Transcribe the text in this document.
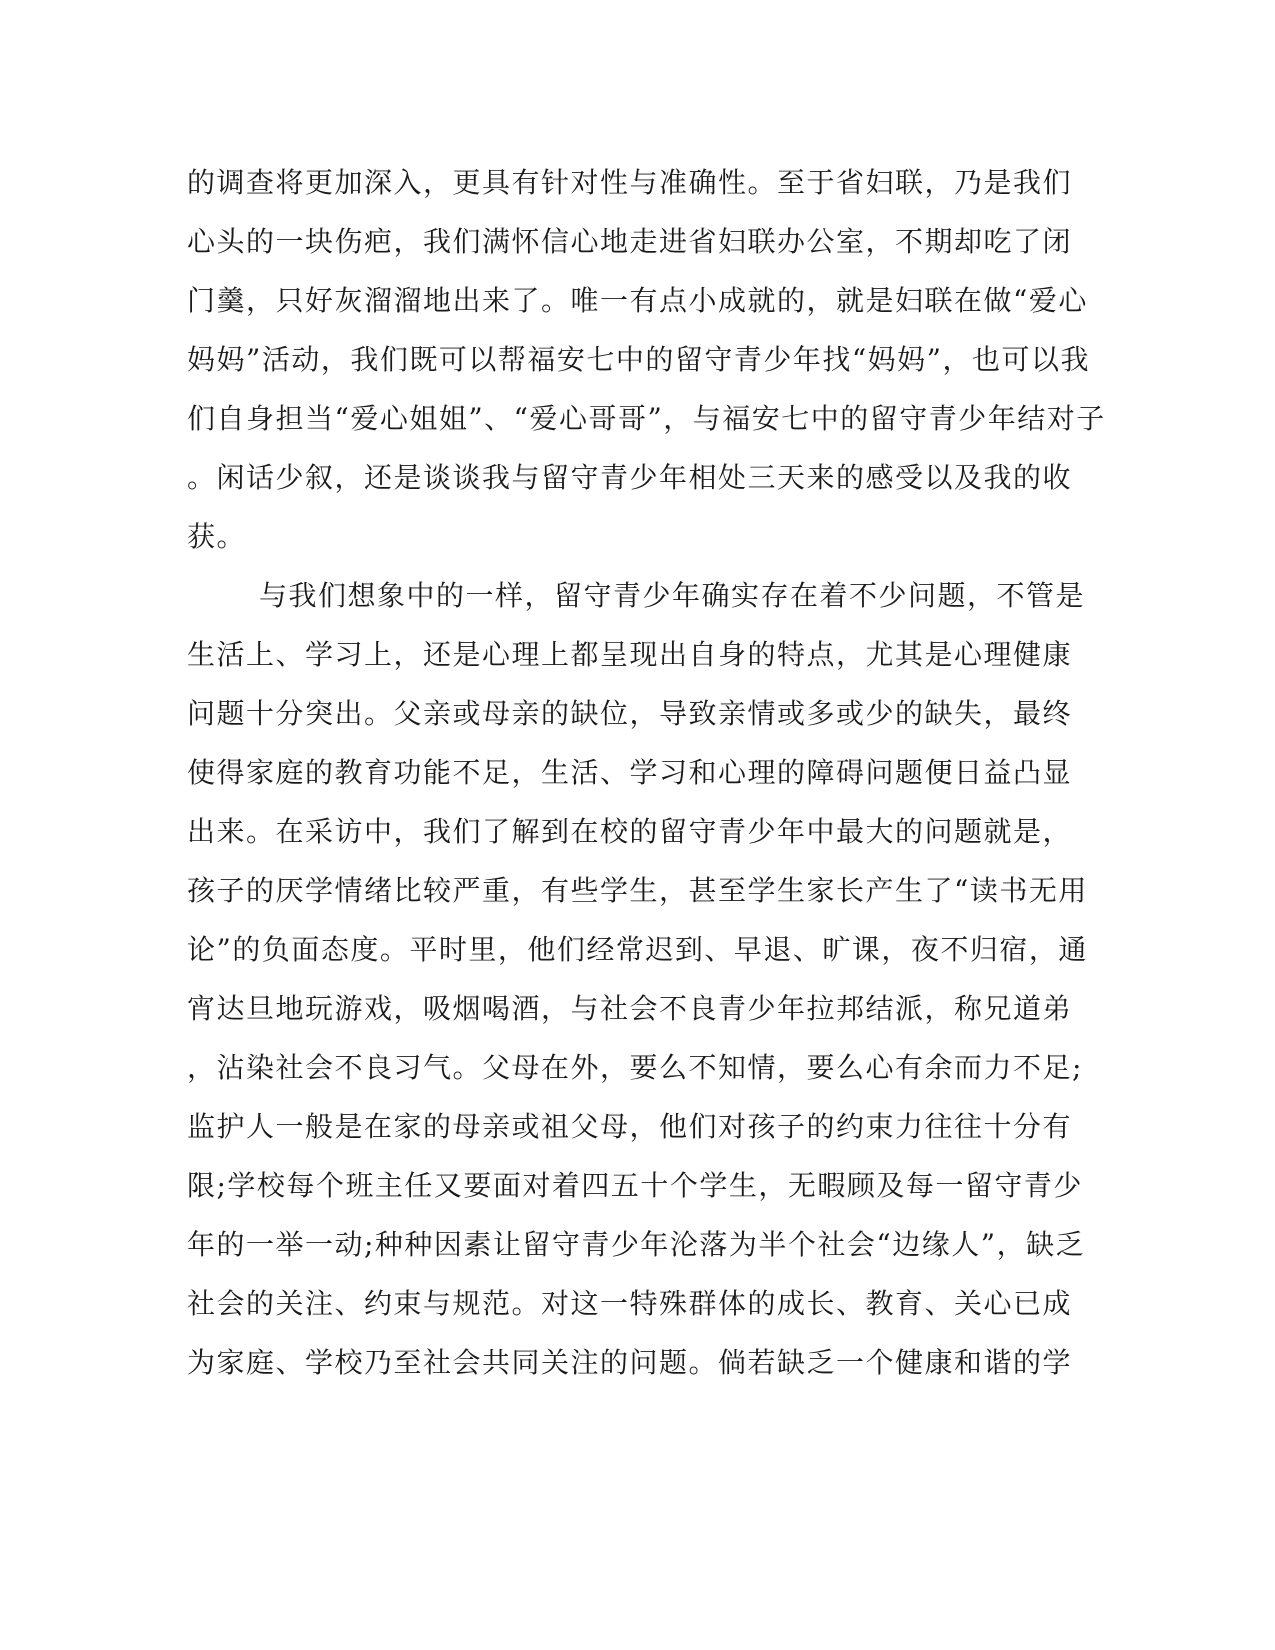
的调查将更加深入，更具有针对性与准确性。至于省妇联，乃是我们
心头的一块伤疤，我们满怀信心地走进省妇联办公室，不期却吃了闭
门羹，只好灰溜溜地出来了。唯一有点小成就的，就是妇联在做“爱心
妈妈”活动，我们既可以帮福安七中的留守青少年找“妈妈”，也可以我
们自身担当“爱心姐姐”、“爱心哥哥”，与福安七中的留守青少年结对子
。闲话少叙，还是谈谈我与留守青少年相处三天来的感受以及我的收
获。
与我们想象中的一样，留守青少年确实存在着不少问题，不管是
生活上、学习上，还是心理上都呈现出自身的特点，尤其是心理健康
问题十分突出。父亲或母亲的缺位，导致亲情或多或少的缺失，最终
使得家庭的教育功能不足，生活、学习和心理的障碍问题便日益凸显
出来。在采访中，我们了解到在校的留守青少年中最大的问题就是，
孩子的厌学情绪比较严重，有些学生，甚至学生家长产生了“读书无用
论”的负面态度。平时里，他们经常迟到、早退、旷课，夜不归宿，通
宵达旦地玩游戏，吸烟喝酒，与社会不良青少年拉邦结派，称兄道弟
，沾染社会不良习气。父母在外，要么不知情，要么心有余而力不足;
监护人一般是在家的母亲或祖父母，他们对孩子的约束力往往十分有
限;学校每个班主任又要面对着四五十个学生，无暇顾及每一留守青少
年的一举一动;种种因素让留守青少年沦落为半个社会“边缘人”，缺乏
社会的关注、约束与规范。对这一特殊群体的成长、教育、关心已成
为家庭、学校乃至社会共同关注的问题。倘若缺乏一个健康和谐的学
